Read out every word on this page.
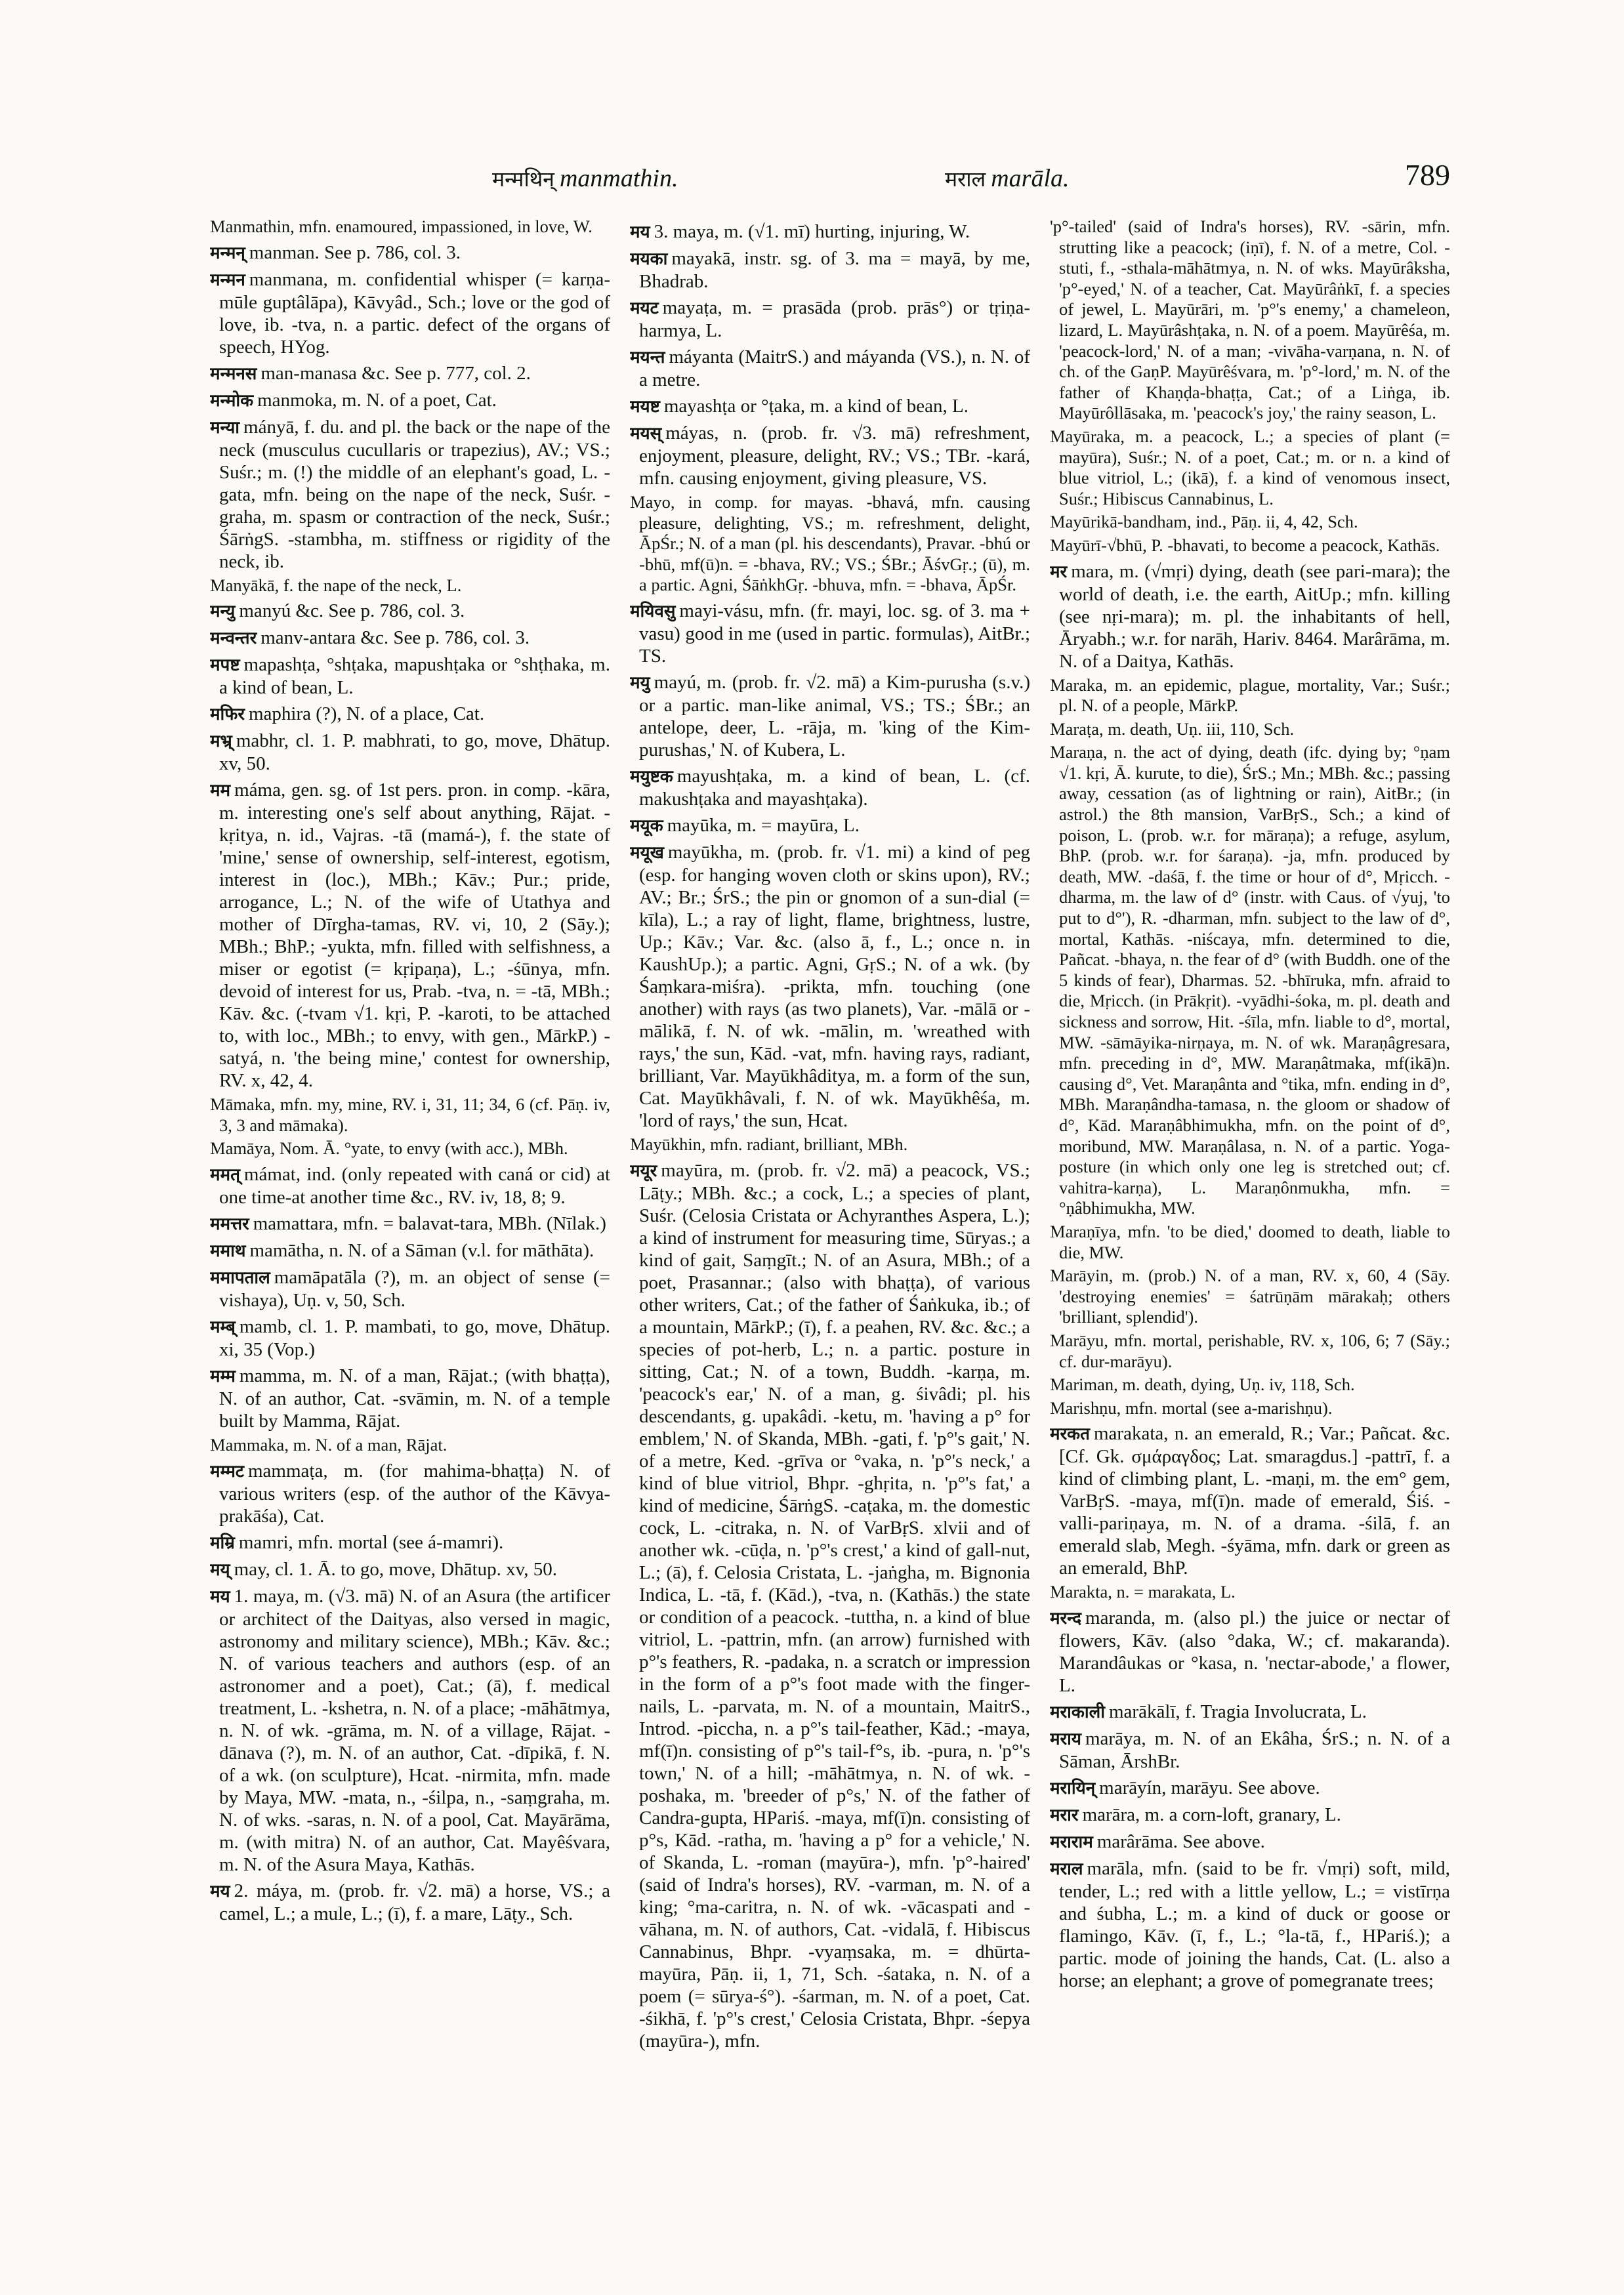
मन्मथिन् manmathin.	मराल marāla.	789

Manmathin, mfn. enamoured, impassioned, in love, W.

मन्मन् manman. See p. 786, col. 3.

मन्मन manmana, m. confidential whisper (= karṇa-mūle guptâlāpa), Kāvyâd., Sch.; love or the god of love, ib. -tva, n. a partic. defect of the organs of speech, HYog.

मन्मनस man-manasa &c. See p. 777, col. 2.

मन्मोक manmoka, m. N. of a poet, Cat.

मन्या mányā, f. du. and pl. the back or the nape of the neck (musculus cucullaris or trapezius), AV.; VS.; Suśr.; m. (!) the middle of an elephant's goad, L. -gata, mfn. being on the nape of the neck, Suśr. -graha, m. spasm or contraction of the neck, Suśr.; ŚārṅgS. -stambha, m. stiffness or rigidity of the neck, ib.

Manyākā, f. the nape of the neck, L.

मन्यु manyú &c. See p. 786, col. 3.

मन्वन्तर manv-antara &c. See p. 786, col. 3.

मपष्ट mapashṭa, °shṭaka, mapushṭaka or °shṭhaka, m. a kind of bean, L.

मफिर maphira (?), N. of a place, Cat.

मभ्र् mabhr, cl. 1. P. mabhrati, to go, move, Dhātup. xv, 50.

मम máma, gen. sg. of 1st pers. pron. in comp. -kāra, m. interesting one's self about anything, Rājat. -kṛitya, n. id., Vajras. -tā (mamá-), f. the state of 'mine,' sense of ownership, self-interest, egotism, interest in (loc.), MBh.; Kāv.; Pur.; pride, arrogance, L.; N. of the wife of Utathya and mother of Dīrgha-tamas, RV. vi, 10, 2 (Sāy.); MBh.; BhP.; -yukta, mfn. filled with selfishness, a miser or egotist (= kṛipaṇa), L.; -śūnya, mfn. devoid of interest for us, Prab. -tva, n. = -tā, MBh.; Kāv. &c. (-tvam √1. kṛi, P. -karoti, to be attached to, with loc., MBh.; to envy, with gen., MārkP.) -satyá, n. 'the being mine,' contest for ownership, RV. x, 42, 4.

Māmaka, mfn. my, mine, RV. i, 31, 11; 34, 6 (cf. Pāṇ. iv, 3, 3 and māmaka).

Mamāya, Nom. Ā. °yate, to envy (with acc.), MBh.

ममत् mámat, ind. (only repeated with caná or cid) at one time-at another time &c., RV. iv, 18, 8; 9.

ममत्तर mamattara, mfn. = balavat-tara, MBh. (Nīlak.)

ममाथ mamātha, n. N. of a Sāman (v.l. for māthāta).

ममापताल mamāpatāla (?), m. an object of sense (= vishaya), Uṇ. v, 50, Sch.

मम्ब् mamb, cl. 1. P. mambati, to go, move, Dhātup. xi, 35 (Vop.)

मम्म mamma, m. N. of a man, Rājat.; (with bhaṭṭa), N. of an author, Cat. -svāmin, m. N. of a temple built by Mamma, Rājat.

Mammaka, m. N. of a man, Rājat.

मम्मट mammaṭa, m. (for mahima-bhaṭṭa) N. of various writers (esp. of the author of the Kāvya-prakāśa), Cat.

मम्रि mamri, mfn. mortal (see á-mamri).

मय् may, cl. 1. Ā. to go, move, Dhātup. xv, 50.

मय 1. maya, m. (√3. mā) N. of an Asura (the artificer or architect of the Daityas, also versed in magic, astronomy and military science), MBh.; Kāv. &c.; N. of various teachers and authors (esp. of an astronomer and a poet), Cat.; (ā), f. medical treatment, L. -kshetra, n. N. of a place; -māhātmya, n. N. of wk. -grāma, m. N. of a village, Rājat. -dānava (?), m. N. of an author, Cat. -dīpikā, f. N. of a wk. (on sculpture), Hcat. -nirmita, mfn. made by Maya, MW. -mata, n., -śilpa, n., -saṃgraha, m. N. of wks. -saras, n. N. of a pool, Cat. Mayārāma, m. (with mitra) N. of an author, Cat. Mayêśvara, m. N. of the Asura Maya, Kathās.

मय 2. máya, m. (prob. fr. √2. mā) a horse, VS.; a camel, L.; a mule, L.; (ī), f. a mare, Lāṭy., Sch.

मय 3. maya, m. (√1. mī) hurting, injuring, W.

मयका mayakā, instr. sg. of 3. ma = mayā, by me, Bhadrab.

मयट mayaṭa, m. = prasāda (prob. prās°) or tṛiṇa-harmya, L.

मयन्त máyanta (MaitrS.) and máyanda (VS.), n. N. of a metre.

मयष्ट mayashṭa or °ṭaka, m. a kind of bean, L.

मयस् máyas, n. (prob. fr. √3. mā) refreshment, enjoyment, pleasure, delight, RV.; VS.; TBr. -kará, mfn. causing enjoyment, giving pleasure, VS.

Mayo, in comp. for mayas. -bhavá, mfn. causing pleasure, delighting, VS.; m. refreshment, delight, ĀpŚr.; N. of a man (pl. his descendants), Pravar. -bhú or -bhū, mf(ū)n. = -bhava, RV.; VS.; ŚBr.; ĀśvGṛ.; (ū), m. a partic. Agni, ŚāṅkhGṛ. -bhuva, mfn. = -bhava, ĀpŚr.

मयिवसु mayi-vásu, mfn. (fr. mayi, loc. sg. of 3. ma + vasu) good in me (used in partic. formulas), AitBr.; TS.

मयु mayú, m. (prob. fr. √2. mā) a Kim-purusha (s.v.) or a partic. man-like animal, VS.; TS.; ŚBr.; an antelope, deer, L. -rāja, m. 'king of the Kim-purushas,' N. of Kubera, L.

मयुष्टक mayushṭaka, m. a kind of bean, L. (cf. makushṭaka and mayashṭaka).

मयूक mayūka, m. = mayūra, L.

मयूख mayūkha, m. (prob. fr. √1. mi) a kind of peg (esp. for hanging woven cloth or skins upon), RV.; AV.; Br.; ŚrS.; the pin or gnomon of a sun-dial (= kīla), L.; a ray of light, flame, brightness, lustre, Up.; Kāv.; Var. &c. (also ā, f., L.; once n. in KaushUp.); a partic. Agni, GṛS.; N. of a wk. (by Śaṃkara-miśra). -prikta, mfn. touching (one another) with rays (as two planets), Var. -mālā or -mālikā, f. N. of wk. -mālin, m. 'wreathed with rays,' the sun, Kād. -vat, mfn. having rays, radiant, brilliant, Var. Mayūkhâditya, m. a form of the sun, Cat. Mayūkhâvali, f. N. of wk. Mayūkhêśa, m. 'lord of rays,' the sun, Hcat.

Mayūkhin, mfn. radiant, brilliant, MBh.

मयूर mayūra, m. (prob. fr. √2. mā) a peacock, VS.; Lāṭy.; MBh. &c.; a cock, L.; a species of plant, Suśr. (Celosia Cristata or Achyranthes Aspera, L.); a kind of instrument for measuring time, Sūryas.; a kind of gait, Saṃgīt.; N. of an Asura, MBh.; of a poet, Prasannar.; (also with bhaṭṭa), of various other writers, Cat.; of the father of Śaṅkuka, ib.; of a mountain, MārkP.; (ī), f. a peahen, RV. &c. &c.; a species of pot-herb, L.; n. a partic. posture in sitting, Cat.; N. of a town, Buddh. -karṇa, m. 'peacock's ear,' N. of a man, g. śivâdi; pl. his descendants, g. upakâdi. -ketu, m. 'having a p° for emblem,' N. of Skanda, MBh. -gati, f. 'p°'s gait,' N. of a metre, Ked. -grīva or °vaka, n. 'p°'s neck,' a kind of blue vitriol, Bhpr. -ghṛita, n. 'p°'s fat,' a kind of medicine, ŚārṅgS. -caṭaka, m. the domestic cock, L. -citraka, n. N. of VarBṛS. xlvii and of another wk. -cūḍa, n. 'p°'s crest,' a kind of gall-nut, L.; (ā), f. Celosia Cristata, L. -jaṅgha, m. Bignonia Indica, L. -tā, f. (Kād.), -tva, n. (Kathās.) the state or condition of a peacock. -tuttha, n. a kind of blue vitriol, L. -pattrin, mfn. (an arrow) furnished with p°'s feathers, R. -padaka, n. a scratch or impression in the form of a p°'s foot made with the finger-nails, L. -parvata, m. N. of a mountain, MaitrS., Introd. -piccha, n. a p°'s tail-feather, Kād.; -maya, mf(ī)n. consisting of p°'s tail-f°s, ib. -pura, n. 'p°'s town,' N. of a hill; -māhātmya, n. N. of wk. -poshaka, m. 'breeder of p°s,' N. of the father of Candra-gupta, HPariś. -maya, mf(ī)n. consisting of p°s, Kād. -ratha, m. 'having a p° for a vehicle,' N. of Skanda, L. -roman (mayūra-), mfn. 'p°-haired' (said of Indra's horses), RV. -varman, m. N. of a king; °ma-caritra, n. N. of wk. -vācaspati and -vāhana, m. N. of authors, Cat. -vidalā, f. Hibiscus Cannabinus, Bhpr. -vyaṃsaka, m. = dhūrta-mayūra, Pāṇ. ii, 1, 71, Sch. -śataka, n. N. of a poem (= sūrya-ś°). -śarman, m. N. of a poet, Cat. -śikhā, f. 'p°'s crest,' Celosia Cristata, Bhpr. -śepya (mayūra-), mfn.

'p°-tailed' (said of Indra's horses), RV. -sārin, mfn. strutting like a peacock; (iṇī), f. N. of a metre, Col. -stuti, f., -sthala-māhātmya, n. N. of wks. Mayūrâksha, 'p°-eyed,' N. of a teacher, Cat. Mayūrâṅkī, f. a species of jewel, L. Mayūrāri, m. 'p°'s enemy,' a chameleon, lizard, L. Mayūrâshṭaka, n. N. of a poem. Mayūrêśa, m. 'peacock-lord,' N. of a man; -vivāha-varṇana, n. N. of ch. of the GaṇP. Mayūrêśvara, m. 'p°-lord,' m. N. of the father of Khaṇḍa-bhaṭṭa, Cat.; of a Liṅga, ib. Mayūrôllāsaka, m. 'peacock's joy,' the rainy season, L.

Mayūraka, m. a peacock, L.; a species of plant (= mayūra), Suśr.; N. of a poet, Cat.; m. or n. a kind of blue vitriol, L.; (ikā), f. a kind of venomous insect, Suśr.; Hibiscus Cannabinus, L.

Mayūrikā-bandham, ind., Pāṇ. ii, 4, 42, Sch.

Mayūrī-√bhū, P. -bhavati, to become a peacock, Kathās.

मर mara, m. (√mṛi) dying, death (see pari-mara); the world of death, i.e. the earth, AitUp.; mfn. killing (see nṛi-mara); m. pl. the inhabitants of hell, Āryabh.; w.r. for narāh, Hariv. 8464. Marârāma, m. N. of a Daitya, Kathās.

Maraka, m. an epidemic, plague, mortality, Var.; Suśr.; pl. N. of a people, MārkP.

Maraṭa, m. death, Uṇ. iii, 110, Sch.

Maraṇa, n. the act of dying, death (ifc. dying by; °ṇam √1. kṛi, Ā. kurute, to die), ŚrS.; Mn.; MBh. &c.; passing away, cessation (as of lightning or rain), AitBr.; (in astrol.) the 8th mansion, VarBṛS., Sch.; a kind of poison, L. (prob. w.r. for māraṇa); a refuge, asylum, BhP. (prob. w.r. for śaraṇa). -ja, mfn. produced by death, MW. -daśā, f. the time or hour of d°, Mṛicch. -dharma, m. the law of d° (instr. with Caus. of √yuj, 'to put to d°'), R. -dharman, mfn. subject to the law of d°, mortal, Kathās. -niścaya, mfn. determined to die, Pañcat. -bhaya, n. the fear of d° (with Buddh. one of the 5 kinds of fear), Dharmas. 52. -bhīruka, mfn. afraid to die, Mṛicch. (in Prākṛit). -vyādhi-śoka, m. pl. death and sickness and sorrow, Hit. -śīla, mfn. liable to d°, mortal, MW. -sāmāyika-nirṇaya, m. N. of wk. Maraṇâgresara, mfn. preceding in d°, MW. Maraṇâtmaka, mf(ikā)n. causing d°, Vet. Maraṇânta and °tika, mfn. ending in d°, MBh. Maraṇândha-tamasa, n. the gloom or shadow of d°, Kād. Maraṇâbhimukha, mfn. on the point of d°, moribund, MW. Maraṇâlasa, n. N. of a partic. Yoga-posture (in which only one leg is stretched out; cf. vahitra-karṇa), L. Maraṇônmukha, mfn. = °ṇâbhimukha, MW.

Maraṇīya, mfn. 'to be died,' doomed to death, liable to die, MW.

Marāyin, m. (prob.) N. of a man, RV. x, 60, 4 (Sāy. 'destroying enemies' = śatrūṇām mārakaḥ; others 'brilliant, splendid').

Marāyu, mfn. mortal, perishable, RV. x, 106, 6; 7 (Sāy.; cf. dur-marāyu).

Mariman, m. death, dying, Uṇ. iv, 118, Sch.

Marishṇu, mfn. mortal (see a-marishṇu).

मरकत marakata, n. an emerald, R.; Var.; Pañcat. &c. [Cf. Gk. σμάραγδος; Lat. smaragdus.] -pattrī, f. a kind of climbing plant, L. -maṇi, m. the em° gem, VarBṛS. -maya, mf(ī)n. made of emerald, Śiś. -valli-pariṇaya, m. N. of a drama. -śilā, f. an emerald slab, Megh. -śyāma, mfn. dark or green as an emerald, BhP.

Marakta, n. = marakata, L.

मरन्द maranda, m. (also pl.) the juice or nectar of flowers, Kāv. (also °daka, W.; cf. makaranda). Marandâukas or °kasa, n. 'nectar-abode,' a flower, L.

मराकाली marākālī, f. Tragia Involucrata, L.

मराय marāya, m. N. of an Ekâha, ŚrS.; n. N. of a Sāman, ĀrshBr.

मरायिन् marāyín, marāyu. See above.

मरार marāra, m. a corn-loft, granary, L.

मराराम marârāma. See above.

मराल marāla, mfn. (said to be fr. √mṛi) soft, mild, tender, L.; red with a little yellow, L.; = vistīrṇa and śubha, L.; m. a kind of duck or goose or flamingo, Kāv. (ī, f., L.; °la-tā, f., HPariś.); a partic. mode of joining the hands, Cat. (L. also a horse; an elephant; a grove of pomegranate trees;
